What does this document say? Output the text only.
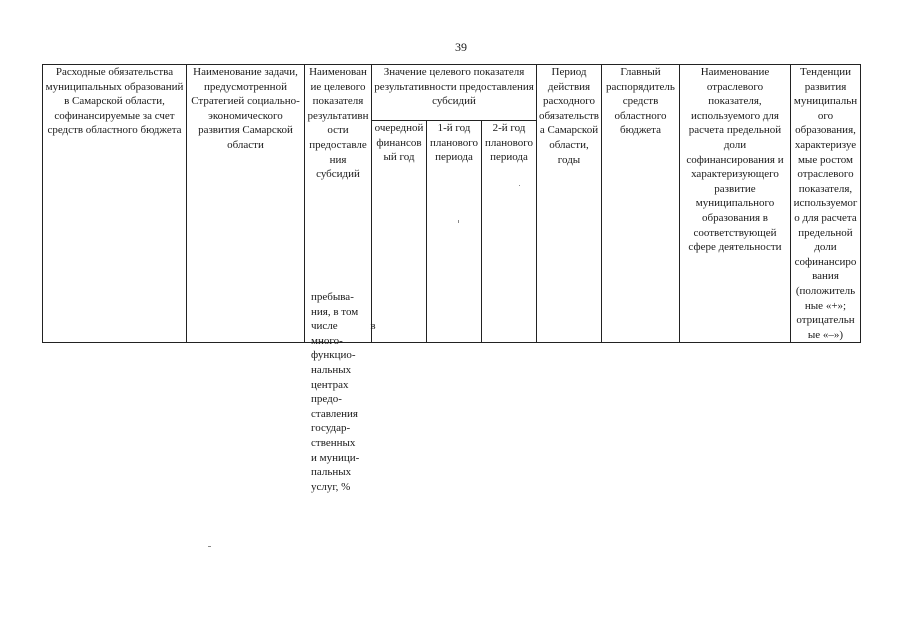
39
Расходные обязательства муниципальных образований в Самарской области, софинансируемые за счет средств областного бюджета	Наименование задачи, предусмотренной Стратегией социально-экономического развития Самарской области	Наименование целевого показателя результативности предоставления субсидий	Значение целевого показателя результативности предоставления субсидий			Период действия расходного обязательства Самарской области, годы	Главный распорядитель средств областного бюджета	Наименование отраслевого показателя, используемого для расчета предельной доли софинансирования и характеризующего развитие муниципального образования в соответствующей сфере деятельности	Тенденции развития муниципального образования, характеризуемые ростом отраслевого показателя, используемого для расчета предельной доли софинансирования (положительные «+»; отрицательные «–»)
			очередной финансовый год	1-й год планового периода	2-й год планового периода				
пребыва-
ния, в том
числе в
много-
функцио-
нальных
центрах
предо-
ставления
государ-
ственных
и муници-
пальных
услуг, %
